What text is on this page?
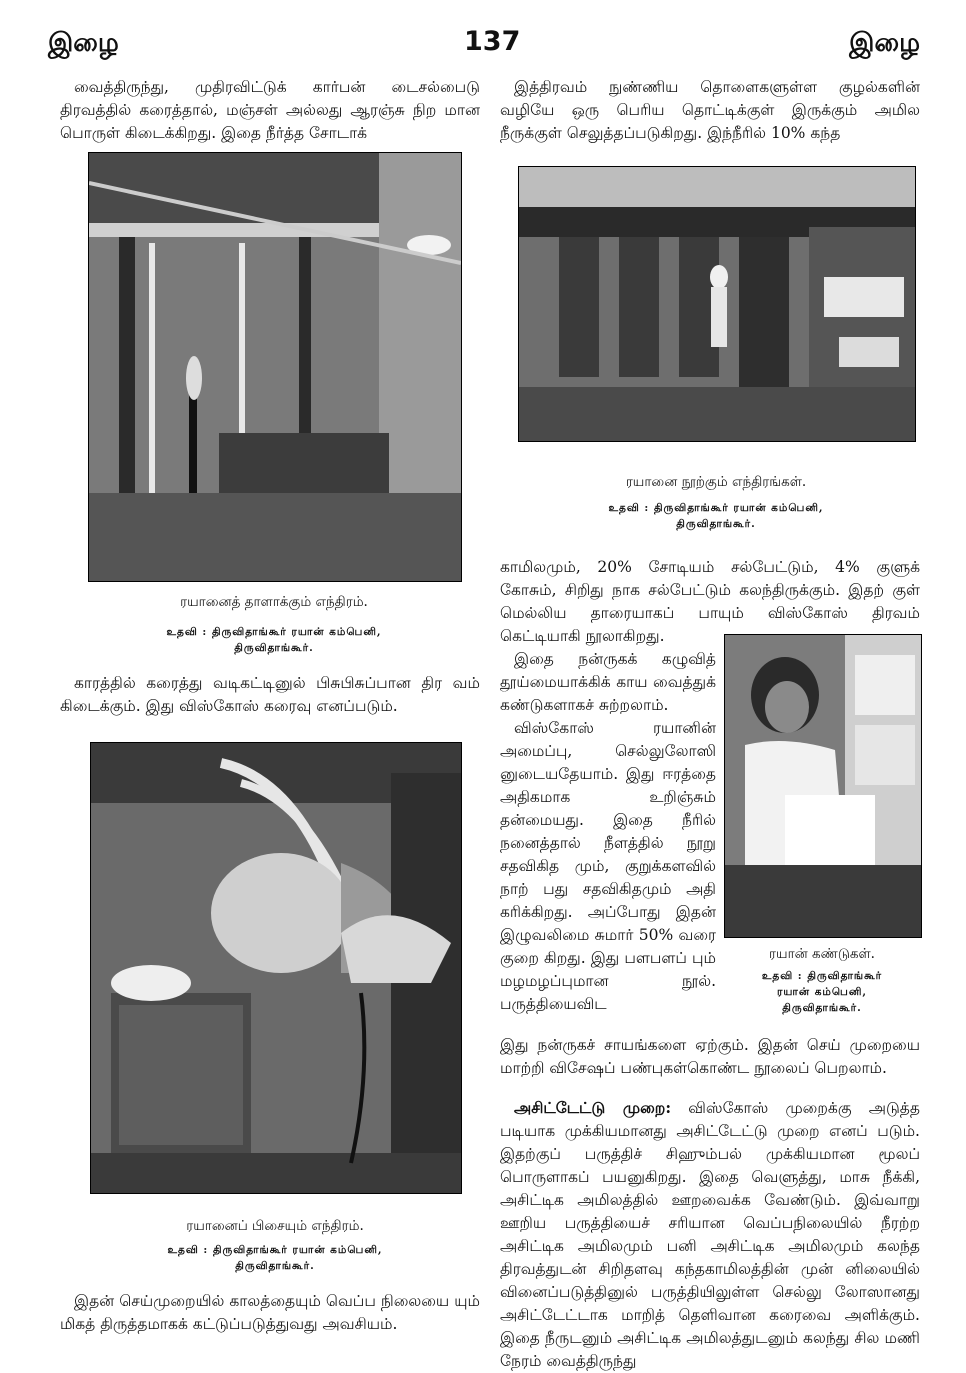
இழை	137	இழை

வைத்திருந்து, முதிரவிட்டுக் கார்பன் டைசல்பைடு திரவத்தில் கரைத்தால், மஞ்சள் அல்லது ஆரஞ்சு நிற மான பொருள் கிடைக்கிறது. இதை நீர்த்த சோடாக்

ரயானைத் தாளாக்கும் எந்திரம்.
உதவி : திருவிதாங்கூர் ரயான் கம்பெனி,
திருவிதாங்கூர்.

காரத்தில் கரைத்து வடிகட்டினுல் பிசுபிசுப்பான திர வம் கிடைக்கும். இது விஸ்கோஸ் கரைவு எனப்படும்.

ரயானைப் பிசையும் எந்திரம்.
உதவி : திருவிதாங்கூர் ரயான் கம்பெனி,
திருவிதாங்கூர்.

இதன் செய்முறையில் காலத்தையும் வெப்ப நிலையை யும் மிகத் திருத்தமாகக் கட்டுப்படுத்துவது அவசியம்.

இத்திரவம் நுண்ணிய தொளைகளுள்ள குழல்களின் வழியே ஒரு பெரிய தொட்டிக்குள் இருக்கும் அமில நீருக்குள் செலுத்தப்படுகிறது. இந்நீரில் 10% கந்த

ரயானை நூற்கும் எந்திரங்கள்.
உதவி : திருவிதாங்கூர் ரயான் கம்பெனி,
திருவிதாங்கூர்.

காமிலமும், 20% சோடியம் சல்பேட்டும், 4% குளுக் கோசும், சிறிது நாக சல்பேட்டும் கலந்திருக்கும். இதற் குள் மெல்லிய தாரையாகப் பாயும் விஸ்கோஸ் திரவம் கெட்டியாகி நூலாகிறது.

இதை நன்ருகக் கழுவித் தூய்மையாக்கிக் காய வைத்துக் கண்டுகளாகச் சுற்றலாம்.

விஸ்கோஸ் ரயானின் அமைப்பு, செல்லுலோஸி னுடையதேயாம். இது ஈரத்தை அதிகமாக உறிஞ்சும் தன்மையது. இதை நீரில் நனைத்தால் நீளத்தில் நூறு சதவிகித மும், குறுக்களவில் நாற் பது சதவிகிதமும் அதி கரிக்கிறது. அப்போது இதன் இழுவலிமை சுமார் 50% வரை குறை கிறது. இது பளபளப் பும் மழமழப்புமான நூல். பருத்தியைவிட

ரயான் கண்டுகள்.
உதவி : திருவிதாங்கூர்
ரயான் கம்பெனி,
திருவிதாங்கூர்.

இது நன்ருகச் சாயங்களை ஏற்கும். இதன் செய் முறையை மாற்றி விசேஷப் பண்புகள்கொண்ட நூலைப் பெறலாம்.

அசிட்டேட்டு முறை: விஸ்கோஸ் முறைக்கு அடுத்த படியாக முக்கியமானது அசிட்டேட்டு முறை எனப் படும். இதற்குப் பருத்திச் சிஹும்பல் முக்கியமான மூலப் பொருளாகப் பயனுகிறது. இதை வெளுத்து, மாசு நீக்கி, அசிட்டிக அமிலத்தில் ஊறவைக்க வேண்டும். இவ்வாறு ஊறிய பருத்தியைச் சரியான வெப்பநிலையில் நீரற்ற அசிட்டிக அமிலமும் பனி அசிட்டிக அமிலமும் கலந்த திரவத்துடன் சிறிதளவு கந்தகாமிலத்தின் முன் னிலையில் வினைப்படுத்தினுல் பருத்தியிலுள்ள செல்லு லோஸானது அசிட்டேட்டாக மாறித் தெளிவான கரைவை அளிக்கும். இதை நீருடனும் அசிட்டிக அமிலத்துடனும் கலந்து சில மணி நேரம் வைத்திருந்து
